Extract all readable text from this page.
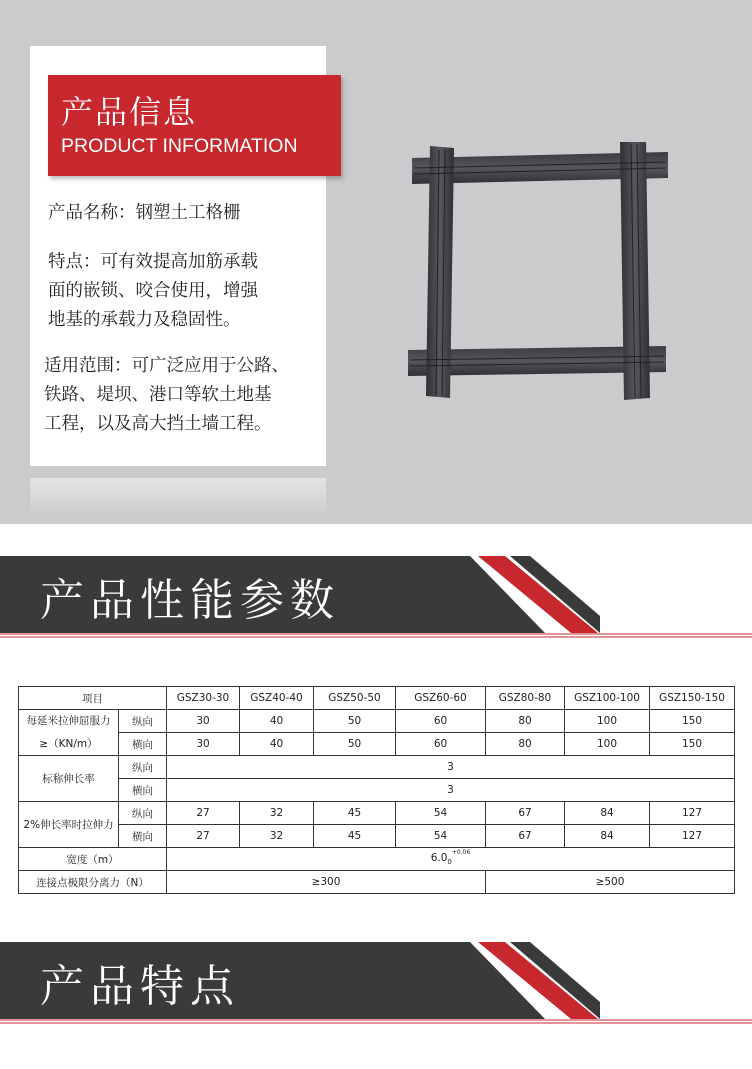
产品信息
PRODUCT INFORMATION
产品名称：钢塑土工格栅
特点：可有效提高加筋承载
面的嵌锁、咬合使用，增强
地基的承载力及稳固性。
适用范围：可广泛应用于公路、
铁路、堤坝、港口等软土地基
工程，以及高大挡土墙工程。
产品性能参数
项目		GSZ30-30	GSZ40-40	GSZ50-50	GSZ60-60	GSZ80-80	GSZ100-100	GSZ150-150

每延米拉伸屈服力
≥（KN/m）	纵向	30	40	50	60	80	100	150
	横向	30	40	50	60	80	100	150
标称伸长率	纵向	3						
	横向	3						
2%伸长率时拉伸力	纵向	27	32	45	54	67	84	127
	横向	27	32	45	54	67	84	127
宽度（m）		$6.0_0^{+0.06}$
连接点极限分离力（N）		≥300				≥500		
产品特点
